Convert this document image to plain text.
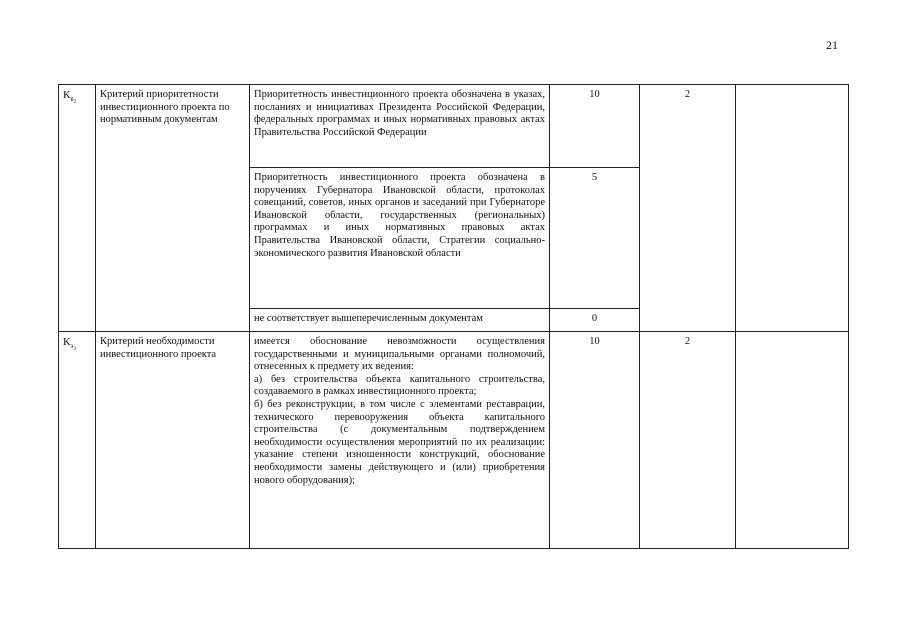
21
$К_{в2}$	Критерий приоритетности инвестиционного проекта по нормативным документам	Приоритетность инвестиционного проекта обозначена в указах, посланиях и инициативах Президента Российской Федерации, федеральных программах и иных нормативных правовых актах Правительства Российской Федерации	10	2	
		Приоритетность инвестиционного проекта обозначена в поручениях Губернатора Ивановской области, протоколах совещаний, советов, иных органов и заседаний при Губернаторе Ивановской области, государственных (региональных) программах и иных нормативных правовых актах Правительства Ивановской области, Стратегии социально-экономического развития Ивановской области	5		
		не соответствует вышеперечисленным документам	0		
$К_{э3}$	Критерий необходимости инвестиционного проекта	имеется обоснование невозможности осуществления государственными и муниципальными органами полномочий, отнесенных к предмету их ведения:
а) без строительства объекта капитального строительства, создаваемого в рамках инвестиционного проекта;
б) без реконструкции, в том числе с элементами реставрации, технического перевооружения объекта капитального строительства (с документальным подтверждением необходимости осуществления мероприятий по их реализации: указание степени изношенности конструкций, обоснование необходимости замены действующего и (или) приобретения нового оборудования);	10	2	
